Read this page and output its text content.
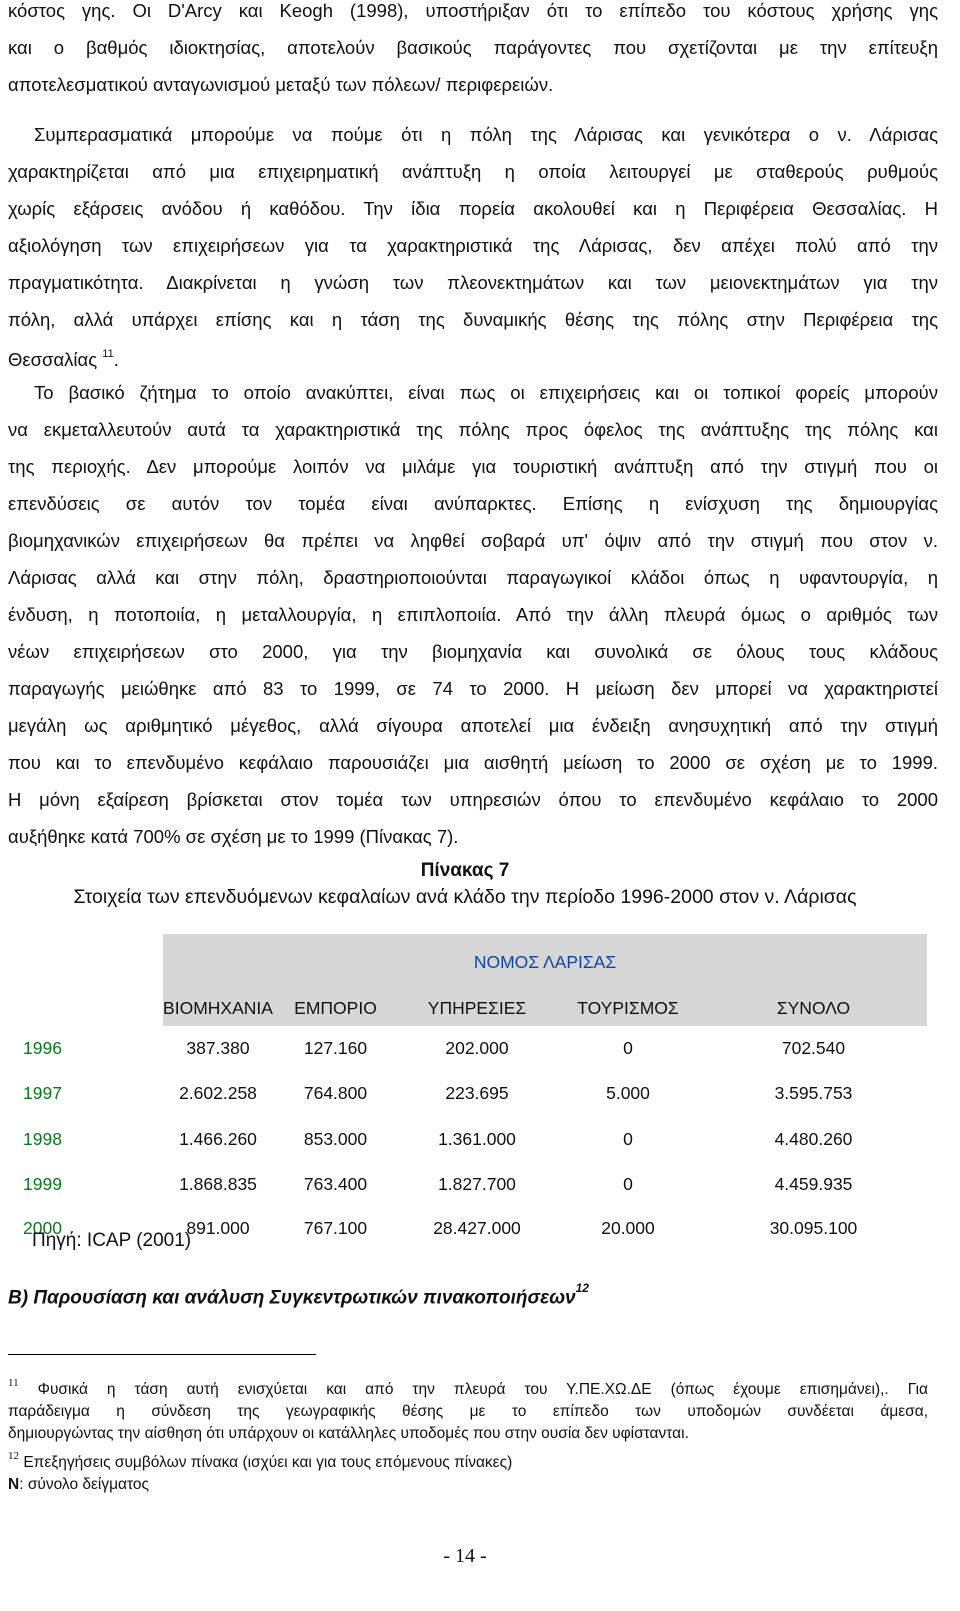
κόστος γης. Οι D'Arcy και Keogh (1998), υποστήριξαν ότι το επίπεδο του κόστους χρήσης γης
και ο βαθμός ιδιοκτησίας, αποτελούν βασικούς παράγοντες που σχετίζονται με την επίτευξη
αποτελεσματικού ανταγωνισμού μεταξύ των πόλεων/ περιφερειών.
Συμπερασματικά μπορούμε να πούμε ότι η πόλη της Λάρισας και γενικότερα ο ν. Λάρισας
χαρακτηρίζεται από μια επιχειρηματική ανάπτυξη η οποία λειτουργεί με σταθερούς ρυθμούς
χωρίς εξάρσεις ανόδου ή καθόδου. Την ίδια πορεία ακολουθεί και η Περιφέρεια Θεσσαλίας. Η
αξιολόγηση των επιχειρήσεων για τα χαρακτηριστικά της Λάρισας, δεν απέχει πολύ από την
πραγματικότητα. Διακρίνεται η γνώση των πλεονεκτημάτων και των μειονεκτημάτων για την
πόλη, αλλά υπάρχει επίσης και η τάση της δυναμικής θέσης της πόλης στην Περιφέρεια της
Θεσσαλίας $^{11}$.
Το βασικό ζήτημα το οποίο ανακύπτει, είναι πως οι επιχειρήσεις και οι τοπικοί φορείς μπορούν
να εκμεταλλευτούν αυτά τα χαρακτηριστικά της πόλης προς όφελος της ανάπτυξης της πόλης και
της περιοχής. Δεν μπορούμε λοιπόν να μιλάμε για τουριστική ανάπτυξη από την στιγμή που οι
επενδύσεις σε αυτόν τον τομέα είναι ανύπαρκτες. Επίσης η ενίσχυση της δημιουργίας
βιομηχανικών επιχειρήσεων θα πρέπει να ληφθεί σοβαρά υπ' όψιν από την στιγμή που στον ν.
Λάρισας αλλά και στην πόλη, δραστηριοποιούνται παραγωγικοί κλάδοι όπως η υφαντουργία, η
ένδυση, η ποτοποιία, η μεταλλουργία, η επιπλοποιία. Από την άλλη πλευρά όμως ο αριθμός των
νέων επιχειρήσεων στο 2000, για την βιομηχανία και συνολικά σε όλους τους κλάδους
παραγωγής μειώθηκε από 83 το 1999, σε 74 το 2000. Η μείωση δεν μπορεί να χαρακτηριστεί
μεγάλη ως αριθμητικό μέγεθος, αλλά σίγουρα αποτελεί μια ένδειξη ανησυχητική από την στιγμή
που και το επενδυμένο κεφάλαιο παρουσιάζει μια αισθητή μείωση το 2000 σε σχέση με το 1999.
Η μόνη εξαίρεση βρίσκεται στον τομέα των υπηρεσιών όπου το επενδυμένο κεφάλαιο το 2000
αυξήθηκε κατά 700% σε σχέση με το 1999 (Πίνακας 7).
Πίνακας 7
Στοιχεία των επενδυόμενων κεφαλαίων ανά κλάδο την περίοδο 1996-2000 στον ν. Λάρισας
	ΝΟΜΟΣ ΛΑΡΙΣΑΣ				
	ΒΙΟΜΗΧΑΝΙΑ	ΕΜΠΟΡΙΟ	ΥΠΗΡΕΣΙΕΣ	ΤΟΥΡΙΣΜΟΣ	ΣΥΝΟΛΟ
1996	387.380	127.160	202.000	0	702.540
1997	2.602.258	764.800	223.695	5.000	3.595.753
1998	1.466.260	853.000	1.361.000	0	4.480.260
1999	1.868.835	763.400	1.827.700	0	4.459.935
2000	891.000	767.100	28.427.000	20.000	30.095.100
Πηγή: ICAP (2001)
Β) Παρουσίαση και ανάλυση Συγκεντρωτικών πινακοποιήσεων$^{12}$
$^{11}$ Φυσικά η τάση αυτή ενισχύεται και από την πλευρά του Υ.ΠΕ.ΧΩ.ΔΕ (όπως έχουμε επισημάνει),. Για
παράδειγμα η σύνδεση της γεωγραφικής θέσης με το επίπεδο των υποδομών συνδέεται άμεσα,
δημιουργώντας την αίσθηση ότι υπάρχουν οι κατάλληλες υποδομές που στην ουσία δεν υφίστανται.
$^{12}$ Επεξηγήσεις συμβόλων πίνακα (ισχύει και για τους επόμενους πίνακες)
N: σύνολο δείγματος
- 14 -
